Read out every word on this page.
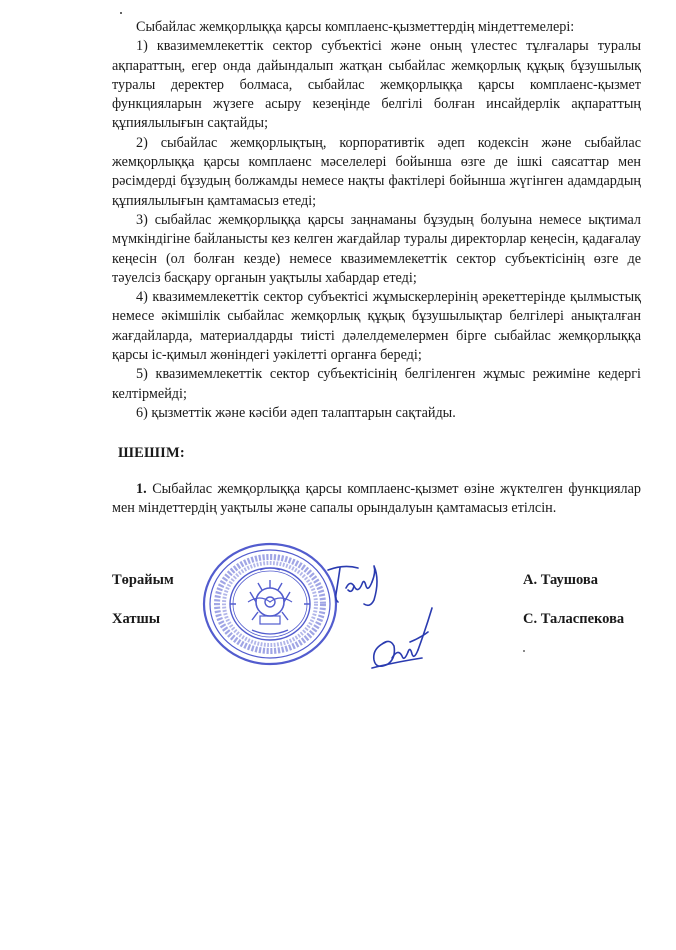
Сыбайлас жемқорлыққа қарсы комплаенс-қызметтердің міндеттемелері:

1) квазимемлекеттік сектор субъектісі және оның үлестес тұлғалары туралы ақпараттың, егер онда дайындалып жатқан сыбайлас жемқорлық құқық бұзушылық туралы деректер болмаса, сыбайлас жемқорлыққа қарсы комплаенс-қызмет функцияларын жүзеге асыру кезеңінде белгілі болған инсайдерлік ақпараттың құпиялылығын сақтайды;

2) сыбайлас жемқорлықтың, корпоративтік әдеп кодексін және сыбайлас жемқорлыққа қарсы комплаенс мәселелері бойынша өзге де ішкі саясаттар мен рәсімдерді бұзудың болжамды немесе нақты фактілері бойынша жүгінген адамдардың құпиялылығын қамтамасыз етеді;

3) сыбайлас жемқорлыққа қарсы заңнаманы бұзудың болуына немесе ықтимал мүмкіндігіне байланысты кез келген жағдайлар туралы директорлар кеңесін, қадағалау кеңесін (ол болған кезде) немесе квазимемлекеттік сектор субъектісінің өзге де тәуелсіз басқару органын уақтылы хабардар етеді;

4) квазимемлекеттік сектор субъектісі жұмыскерлерінің әрекеттерінде қылмыстық немесе әкімшілік сыбайлас жемқорлық құқық бұзушылықтар белгілері анықталған жағдайларда, материалдарды тиісті дәлелдемелермен бірге сыбайлас жемқорлыққа қарсы іс-қимыл жөніндегі уәкілетті органға береді;

5) квазимемлекеттік сектор субъектісінің белгіленген жұмыс режиміне кедергі келтірмейді;

6) қызметтік және кәсіби әдеп талаптарын сақтайды.

ШЕШІМ:

1. Сыбайлас жемқорлыққа қарсы комплаенс-қызмет өзіне жүктелген функциялар мен міндеттердің уақтылы және сапалы орындалуын қамтамасыз етілсін.

Төрайым
Хатшы
А. Таушова
С. Таласпекова
